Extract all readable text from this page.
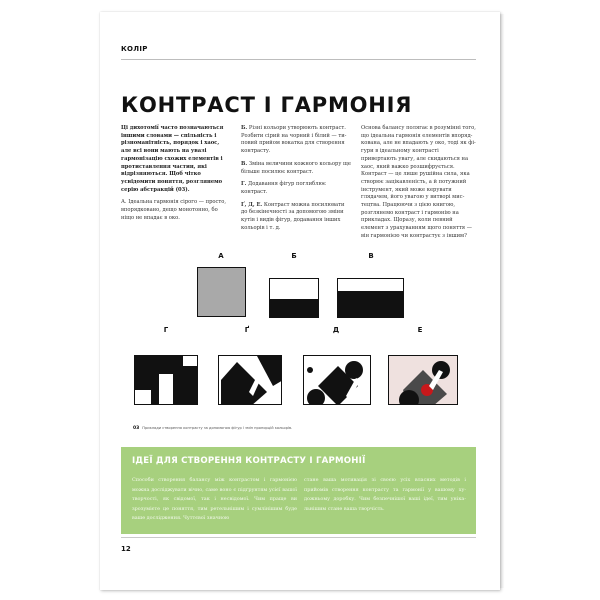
КОЛІР
КОНТРАСТ І ГАРМОНІЯ

Ці дихотомії часто позначаються іншими словами — спільність і різноманітність, порядок і хаос, але всі вони мають на увазі гармонізацію схожих елементів і протиставлення частин, які відрізняються. Щоб чітко усвідомити поняття, розглянемо серію абстракцій (03).

А. Ідеальна гармонія сірого — просто, впорядковано, дещо монотонно, бо ніщо не впадає в око.

Б. Різні кольори утворюють контраст. Розбити сірий на чорний і білий — типовий прийом вокатка для створення контрасту.

В. Зміна величини кожного кольору ще більше посилює контраст.

Г. Додавання фігур поглиблює контраст.

Ґ, Д, Е. Контраст можна посилювати до безкінечності за допомогою зміни кутів і видів фігур, додавання інших кольорів і т. д.

Основа балансу полягає в розумінні того, що ідеальна гармонія елементів впорядкована, але не впадають у око, тоді як фігури в ідеальному контрасті привертають увагу, але скидаються на хаос, який важко розшифрується. Контраст — це лише рушійна сила, яка створює зацікавленість, а й потужний інструмент, який може керувати глядачем, його увагою у витворі мистецтва. Працюючи з цією книгою, розглянемо контраст і гармонію на прикладах. Щоразу, коли певний елемент з урахуванням щого поняття — він гармонією чи контрастує з іншим?

А	Б	В
Г	Ґ	Д	Е
03 Приклади створення контрасту за допомогою фігур і змін пропорцій кольорів.
ІДЕЇ ДЛЯ СТВОРЕННЯ КОНТРАСТУ І ГАРМОНІЇ
Способи створення балансу між контрастом і гармонією можна досліджувати вічно, саме воно є підґрунтям усієї вашої творчості, як свідомої, так і несвідомої. Чим праще ви зрозумієте це поняття, тим ретельнішим і сумлінішим буде ваше дослідження. Чуттєвої значною
стане ваша мотивація зі своєю усіх власних методів і прийомів створення контрасту та гармонії у вашому художньому доробку. Чим безпечнішої ваші ідеї, тим унікальнішим стане ваша творчість.
12
